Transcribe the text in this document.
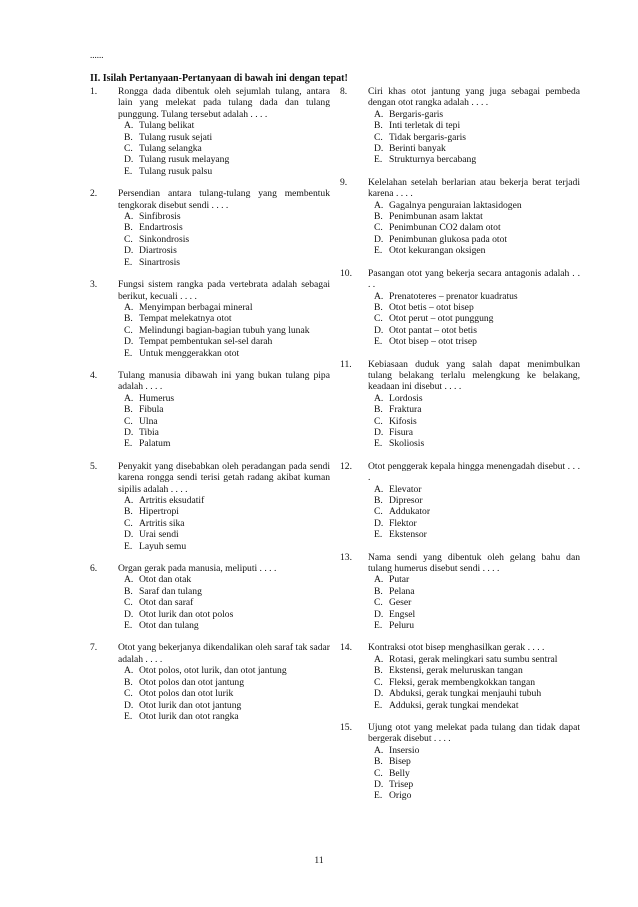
......
II. Isilah Pertanyaan-Pertanyaan di bawah ini dengan tepat!
1.	Rongga dada dibentuk oleh sejumlah tulang, antara lain yang melekat pada tulang dada dan tulang punggung. Tulang tersebut adalah . . . .
A. Tulang belikat
B. Tulang rusuk sejati
C. Tulang selangka
D. Tulang rusuk melayang
E. Tulang rusuk palsu
2.	Persendian antara tulang-tulang yang membentuk tengkorak disebut sendi . . . .
A. Sinfibrosis
B. Endartrosis
C. Sinkondrosis
D. Diartrosis
E. Sinartrosis
3.	Fungsi sistem rangka pada vertebrata adalah sebagai berikut, kecuali . . . .
A. Menyimpan berbagai mineral
B. Tempat melekatnya otot
C. Melindungi bagian-bagian tubuh yang lunak
D. Tempat pembentukan sel-sel darah
E. Untuk menggerakkan otot
4.	Tulang manusia dibawah ini yang bukan tulang pipa adalah . . . .
A. Humerus
B. Fibula
C. Ulna
D. Tibia
E. Palatum
5.	Penyakit yang disebabkan oleh peradangan pada sendi karena rongga sendi terisi getah radang akibat kuman sipilis adalah . . . .
A. Artritis eksudatif
B. Hipertropi
C. Artritis sika
D. Urai sendi
E. Layuh semu
6.	Organ gerak pada manusia, meliputi . . . .
A. Otot dan otak
B. Saraf dan tulang
C. Otot dan saraf
D. Otot lurik dan otot polos
E. Otot dan tulang
7.	Otot yang bekerjanya dikendalikan oleh saraf tak sadar adalah . . . .
A. Otot polos, otot lurik, dan otot jantung
B. Otot polos dan otot jantung
C. Otot polos dan otot lurik
D. Otot lurik dan otot jantung
E. Otot lurik dan otot rangka
8.	Ciri khas otot jantung yang juga sebagai pembeda dengan otot rangka adalah . . . .
A. Bergaris-garis
B. Inti terletak di tepi
C. Tidak bergaris-garis
D. Berinti banyak
E. Strukturnya bercabang
9.	Kelelahan setelah berlarian atau bekerja berat terjadi karena . . . .
A. Gagalnya penguraian laktasidogen
B. Penimbunan asam laktat
C. Penimbunan CO2 dalam otot
D. Penimbunan glukosa pada otot
E. Otot kekurangan oksigen
10.	Pasangan otot yang bekerja secara antagonis adalah . . . .
A. Prenatoteres – prenator kuadratus
B. Otot betis – otot bisep
C. Otot perut – otot punggung
D. Otot pantat – otot betis
E. Otot bisep – otot trisep
11.	Kebiasaan duduk yang salah dapat menimbulkan tulang belakang terlalu melengkung ke belakang, keadaan ini disebut . . . .
A. Lordosis
B. Fraktura
C. Kifosis
D. Fisura
E. Skoliosis
12.	Otot penggerak kepala hingga menengadah disebut . . . .
A. Elevator
B. Dipresor
C. Addukator
D. Flektor
E. Ekstensor
13.	Nama sendi yang dibentuk oleh gelang bahu dan tulang humerus disebut sendi . . . .
A. Putar
B. Pelana
C. Geser
D. Engsel
E. Peluru
14.	Kontraksi otot bisep menghasilkan gerak . . . .
A. Rotasi, gerak melingkari satu sumbu sentral
B. Ekstensi, gerak meluruskan tangan
C. Fleksi, gerak membengkokkan tangan
D. Abduksi, gerak tungkai menjauhi tubuh
E. Adduksi, gerak tungkai mendekat
15.	Ujung otot yang melekat pada tulang dan tidak dapat bergerak disebut . . . .
A. Insersio
B. Bisep
C. Belly
D. Trisep
E. Origo
11
